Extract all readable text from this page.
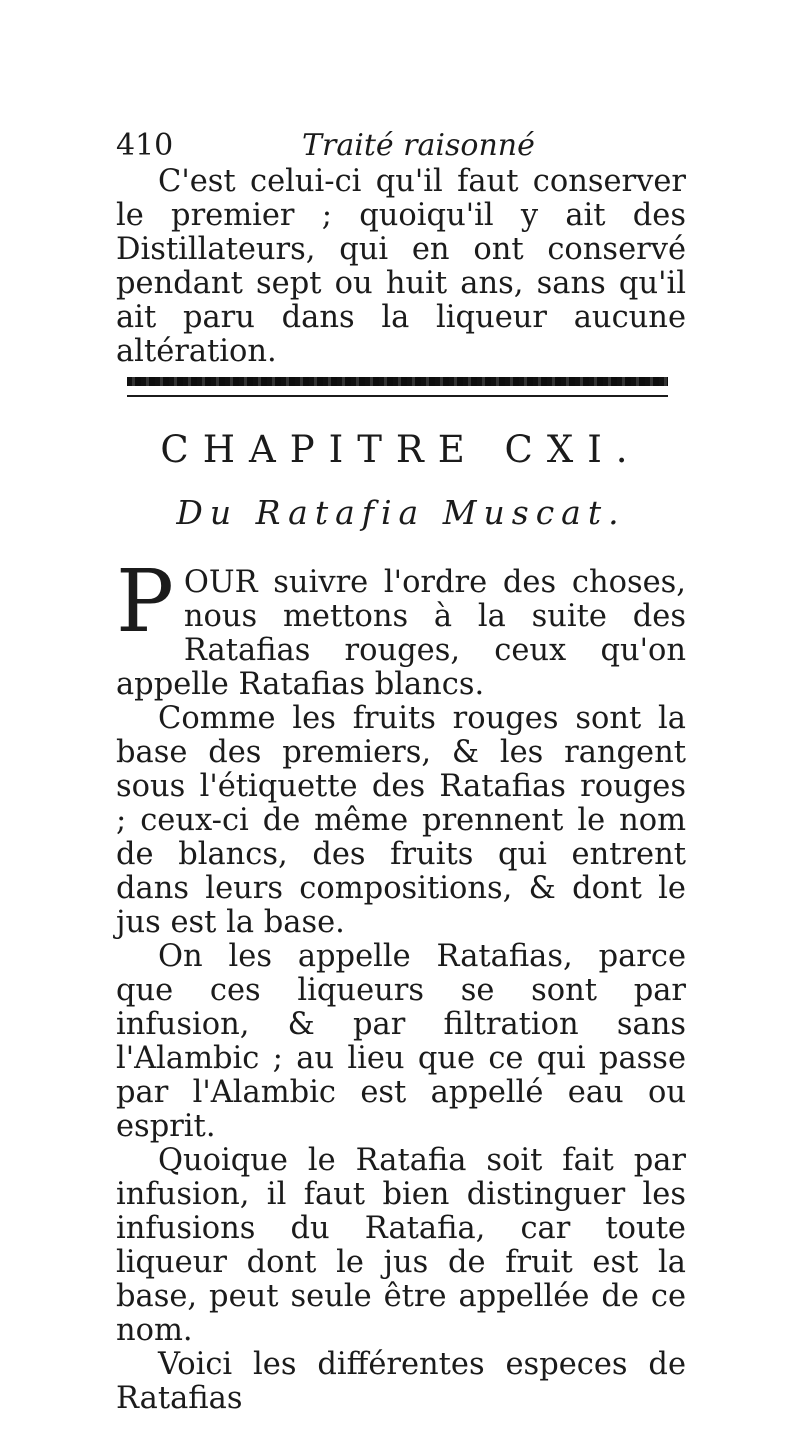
410	Traité raisonné

C'est celui-ci qu'il faut conserver le premier ; quoiqu'il y ait des Distillateurs, qui en ont conservé pendant sept ou huit ans, sans qu'il ait paru dans la liqueur aucune altération.

CHAPITRE CXI.
Du Ratafia Muscat.

POUR suivre l'ordre des choses, nous mettons à la suite des Ratafias rouges, ceux qu'on appelle Ratafias blancs.

Comme les fruits rouges sont la base des premiers, & les rangent sous l'étiquette des Ratafias rouges ; ceux-ci de même prennent le nom de blancs, des fruits qui entrent dans leurs compositions, & dont le jus est la base.

On les appelle Ratafias, parce que ces liqueurs se sont par infusion, & par filtration sans l'Alambic ; au lieu que ce qui passe par l'Alambic est appellé eau ou esprit.

Quoique le Ratafia soit fait par infusion, il faut bien distinguer les infusions du Ratafia, car toute liqueur dont le jus de fruit est la base, peut seule être appellée de ce nom.

Voici les différentes especes de Ratafias
